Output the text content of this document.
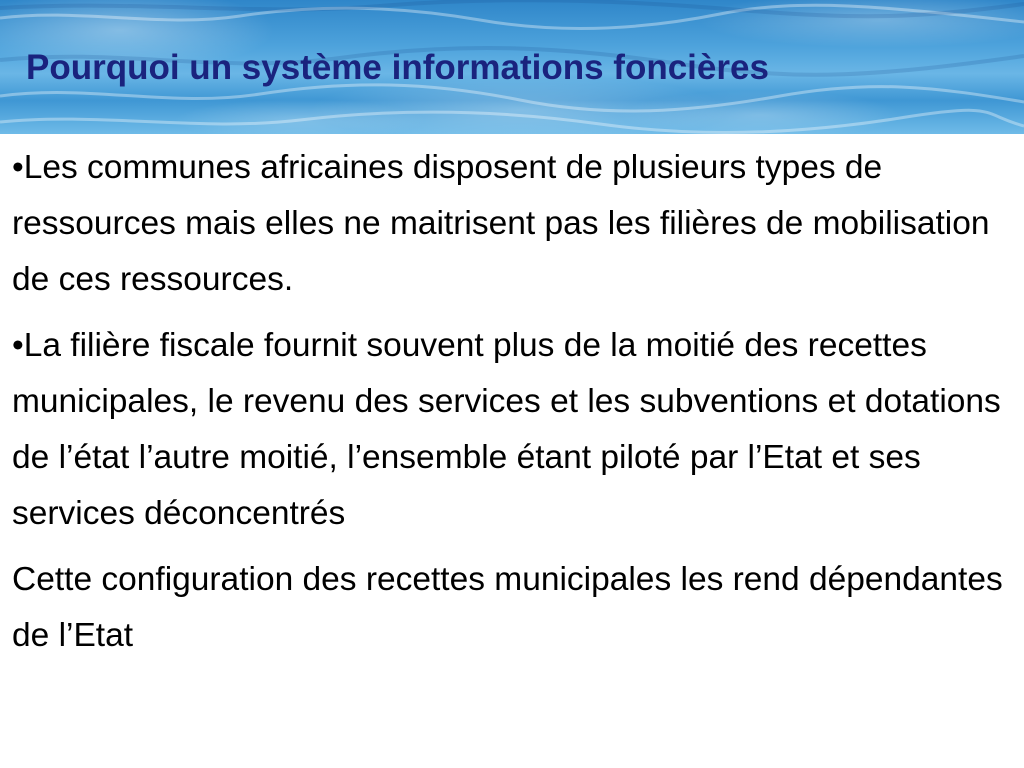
Pourquoi un système informations foncières

•Les communes africaines disposent de plusieurs types de ressources mais elles ne maitrisent pas les filières de mobilisation de ces ressources.

•La filière fiscale fournit souvent plus de la moitié des recettes municipales, le revenu des services et les subventions et dotations de l’état l’autre moitié, l’ensemble étant piloté par l’Etat et ses services déconcentrés

Cette configuration des recettes municipales les rend dépendantes de l’Etat
